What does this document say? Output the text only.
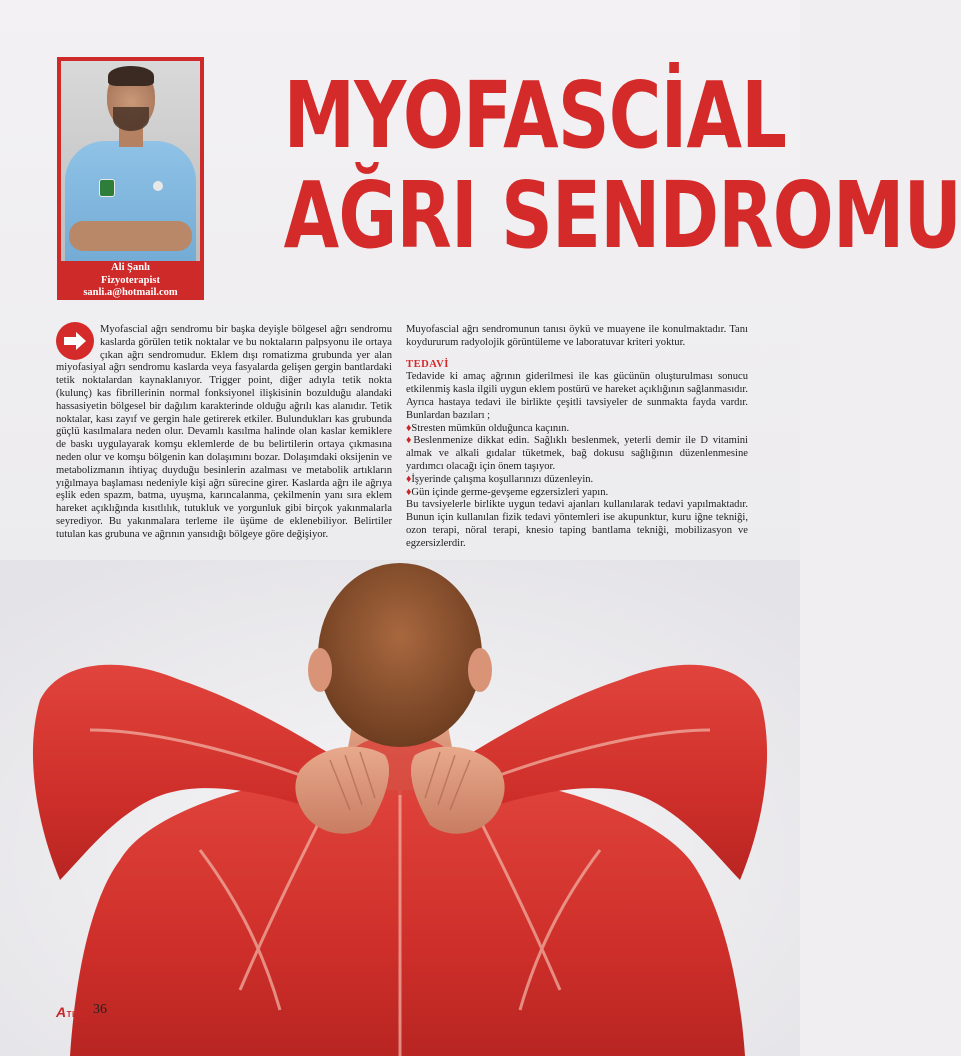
Ali Şanlı
Fizyoterapist
sanli.a@hotmail.com
MYOFASCİAL
AĞRI SENDROMU

Myofascial ağrı sendromu bir başka deyişle bölgesel ağrı sendromu kaslarda görülen tetik noktalar ve bu noktaların palpsyonu ile ortaya çıkan ağrı sendromudur. Eklem dışı romatizma grubunda yer alan miyofasiyal ağrı sendromu kaslarda veya fasyalarda gelişen gergin bantlardaki tetik noktalardan kaynaklanıyor. Trigger point, diğer adıyla tetik nokta (kulunç) kas fibrillerinin normal fonksiyonel ilişkisinin bozulduğu alandaki hassasiyetin bölgesel bir dağılım karakterinde olduğu ağrılı kas alanıdır. Tetik noktalar, kası zayıf ve gergin hale getirerek etkiler. Bulundukları kas grubunda güçlü kasılmalara neden olur. Devamlı kasılma halinde olan kaslar kemiklere de baskı uygulayarak komşu eklemlerde de bu belirtilerin ortaya çıkmasına neden olur ve komşu bölgenin kan dolaşımını bozar. Dolaşımdaki oksijenin ve metabolizmanın ihtiyaç duyduğu besinlerin azalması ve metabolik artıkların yığılmaya başlaması nedeniyle kişi ağrı sürecine girer. Kaslarda ağrı ile ağrıya eşlik eden spazm, batma, uyuşma, karıncalanma, çekilmenin yanı sıra eklem hareket açıklığında kısıtlılık, tutukluk ve yorgunluk gibi birçok yakınmalarla seyrediyor. Bu yakınmalara terleme ile üşüme de eklenebiliyor. Belirtiler tutulan kas grubuna ve ağrının yansıdığı bölgeye göre değişiyor.

Muyofascial ağrı sendromunun tanısı öykü ve muayene ile konulmaktadır. Tanı koydururum radyolojik görüntüleme ve laboratuvar kriteri yoktur.

TEDAVİ

Tedavide ki amaç ağrının giderilmesi ile kas gücünün oluşturulması sonucu etkilenmiş kasla ilgili uygun eklem postürü ve hareket açıklığının sağlanmasıdır. Ayrıca hastaya tedavi ile birlikte çeşitli tavsiyeler de sunmakta fayda vardır. Bunlardan bazıları ;

♦ Stresten mümkün olduğunca kaçının.

♦ Beslenmenize dikkat edin. Sağlıklı beslenmek, yeterli demir ile D vitamini almak ve alkali gıdalar tüketmek, bağ dokusu sağlığının düzenlenmesine yardımcı olacağı için önem taşıyor.

♦ İşyerinde çalışma koşullarınızı düzenleyin.

♦ Gün içinde germe-gevşeme egzersizleri yapın.

Bu tavsiyelerle birlikte uygun tedavi ajanları kullanılarak tedavi yapılmaktadır. Bunun için kullanılan fizik tedavi yöntemleri ise akupunktur, kuru iğne tekniği, ozon terapi, nöral terapi, knesio taping bantlama tekniği, mobilizasyon ve egzersizlerdir.

ATIME 36
